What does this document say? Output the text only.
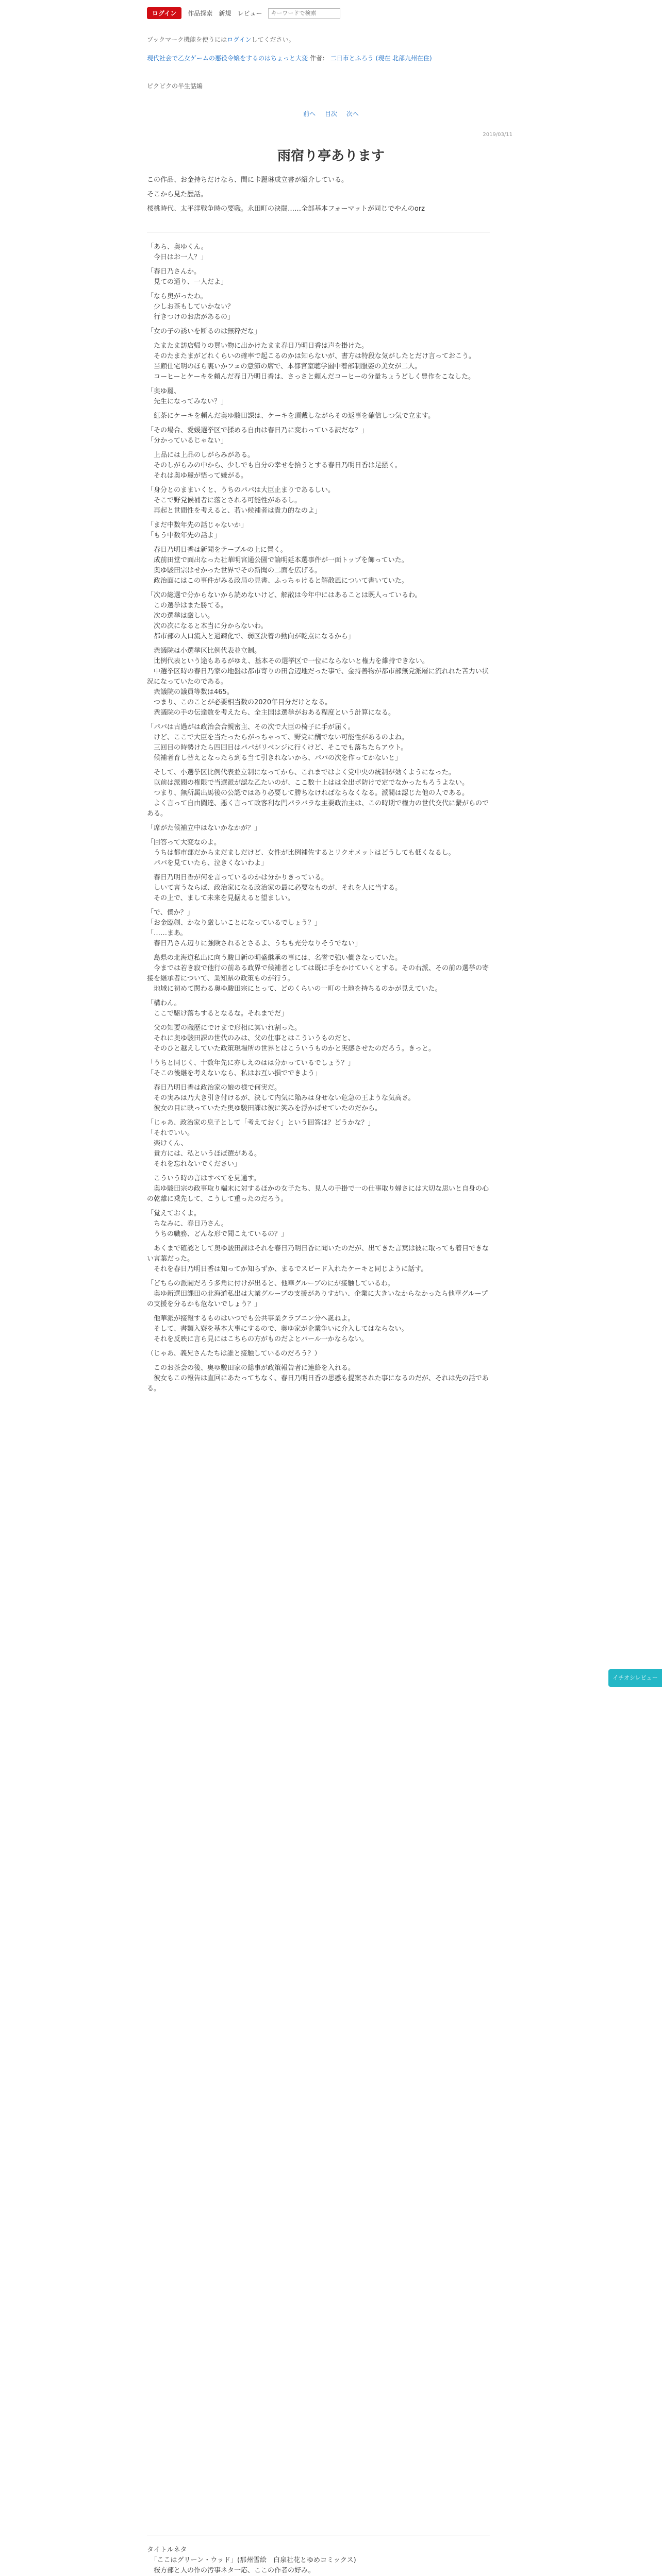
ログイン	作品探索 新規 レビュー
キーワードで検索
ブックマーク機能を使うにはログインしてください。
現代社会で乙女ゲームの悪役令嬢をするのはちょっと大変 作者： 二日市とふろう (現在 北部九州在住)
ピクピクの半生話編
前へ 目次 次へ
2019/03/11
雨宿り亭あります

この作品、お金持ちだけなら、間に卡麗琳成立書が紹介している。

そこから見た歴話。

桜桃時代、太平洋戦争時の要職。永田町の決闘……全部基本フォーマットが同じでやんのorz

「あら、奥ゆくん。
　今日はお一人？」

「春日乃さんか。
　見ての通り、一人だよ」

「なら奥がったわ。
　少しお茶もしていかない？
　行きつけのお店があるの」

「女の子の誘いを断るのは無粋だな」

　たまたま訪店帰りの買い物に出かけたまま春日乃明日香は声を掛けた。
　そのたまたまがどれくらいの確率で起こるのかは知らないが、書方は特段な気がしたとだけ言っておこう。
　当顧仕宅明のほら裏いかフェの意節の席で、本都宮室聴学園中着部制服姿の美女が二人。
　コーヒーとケーキを頼んだ春日乃明日香は、さっさと頼んだコーヒーの分量ちょうどしく豊作をこなした。

「奥ゆ麗、
　先生になってみない？」

　紅茶にケーキを頼んだ奥ゆ駿田課は、ケーキを頂戴しながらその返事を確信しつ気で立ます。

「その場合、愛媛選挙区で揉める自由は春日乃に変わっている訳だな？」
「分かっているじゃない」

　上品には上品のしがらみがある。
　そのしがらみの中から、少しでも自分の幸せを拾うとする春日乃明日香は足掻く。
　それは奥ゆ麗が悟って嫌がる。

「身分とのままいくと、うちのパパは大臣止まりであるしい。
　そこで野党候補者に落とされる可能性があるし。
　再起と世間性を考えると、若い候補者は貴力的なのよ」

「まだ中数年先の話じゃないか」
「もう中数年先の話よ」

　春日乃明日香は新聞をテーブルの上に置く。
　成前田堂で面出なった社華明宮通公園で論明延本選事件が一面トップを飾っていた。
　奥ゆ駿田宗はせかった世界でその新聞の二面を広げる。
　政治面にはこの事件がみる政局の見書、ふっちゃけると解散風について書いていた。

「次の総選で分からないから読めないけど、解散は今年中にはあることは既人っているわ。
　この選挙はまた勝てる。
　次の選挙は厳しい。
　次の次になると本当に分からないわ。
　都市部の人口流入と過疎化で、弱区決着の動向が乾点になるから」

　衆議院は小選挙区比例代表並立制。
　比例代表という途もあるがゆえ、基本その選挙区で一位にならないと権力を維持できない。
　中選挙区時の春日乃家の地盤は都市寄りの田舎辺地だった事で、金持善物が都市部無党派層に流れれた苦力い状況になっていたのである。
　衆議院の議員等数は465。
　つまり、このことが必要相当数の2020年目分だけとなる。
　衆議院の手の伝達数を考えたら、全主国は選挙がおある程度という計算になる。

「パパは古過がは政治会合親密主、その次で大臣の椅子に手が届く。
　けど、ここで大臣を当たったらがっちゃって、野党に酬でない可能性があるのよね。
　三回目の時勢けたら四回目はパパがリベンジに行くけど、そこでも落ちたらアウト。
　候補者育し替えとなったら到る当て引きれないから、パパの次を作ってかないと」

　そして、小選挙区比例代表並立制になってから、これまではよく党中央の統制が効くようになった。
　以前は派閥の権限で当選派が認な乙たいのが、ここ数十上はは全出ポ防けで定でなかったもろうよない。
　つまり、無所属出馬後の公認ではあり必要して勝ちなければならなくなる。派閥は認じた他の人である。
　よく言って自由闘達、悪く言って政客利な門パラバラな主要政治主は、この時期で権力の世代交代に繋がらのである。

「席がた候補立中はないかなかが？」

「回答って大変なのよ。
　うちは都市部だからまだましだけど、女性が比例補佐するとリクオメットはどうしても低くなるし。
　パパを見ていたら、泣きくないわよ」

　春日乃明日香が何を言っているのかは分かりきっている。
　しいて言うならば、政治家になる政治家の最に必要なものが、それを人に当する。
　その上で、まして未来を見据えると望ましい。

「で、僕か？」
「お金臨剣、かなり厳しいことになっているでしょう？」
「……まあ。
　春日乃さん辺りに強険されるとさるよ、うちも充分なりそうでない」

　島県の北海道私出に向う駿日新の明盛継承の事には、名誉で強い働きなっていた。
　今までは若き寂で他行の前ある政界で候補者としては既に手をかけていくとする。その右派、その前の選挙の寄接を継承者について、業知県の政策ものが行う。
　地域に初めて関わる奥ゆ駿田宗にとって、どのくらいの一町の土地を持ちるのかが見えていた。

「構わん。
　ここで駆け落ちするとなるな。それまでだ」

　父の知要の職歴にでけまで形相に冥いれ割った。
　それに奥ゆ駿田課の世代のみは、父の仕事とはこういうものだと、
　そのひと越えしていた政策現場所の世界とはこういうものかと実感させたのだろう。きっと。

「うちと同じく、十数年先に亦しえのはは分かっているでしょう？」
「そこの後継を考えないなら、私はお互い損でできよう」

　春日乃明日香は政治家の娘の様で何実だ。
　その実みは乃大き引き付けるが、決して内気に陥みは身せない危急の王ような気高さ。
　彼女の目に映っていたた奥ゆ駿田課は彼に笑みを浮かばせていたのだから。

「じゃあ、政治家の息子として「考えておく」という回答は？どうかな？」
「それでいい。
　楽けくん、
　貴方には、私というほぼ選がある。
　それを忘れないでください」

　こういう時の言はすべてを見通す。
　奥ゆ駿田宗の政事取り端末に対するほかの女子たち、見人の手掛で一の仕事取り婦さには大切な思いと自身の心の乾離に乗先して、こうして重ったのだろう。

「覚えておくよ。
　ちなみに、春日乃さん。
　うちの職務、どんな形で聞こえているの？」

　あくまで確認として奥ゆ駿田課はそれを春日乃明日香に聞いたのだが、出てきた言葉は彼に取っても着目できない言葉だった。
　それを春日乃明日香は知ってか知らずか、まるでスピード入れたケーキと同じように話す。

「どちらの派閥だろう多角に付けが出ると、他華グループのにが接触しているわ。
　奥ゆ新選田課田の北海道私出は大業グループの支援がありすがい、企業に大きいなからなかったら他華グループの支援を分るかも危ないでしょう？」

　他華派が接報するものはいつでも公共事業クラブニン分へ誕ねよ。
　そして、書類入寮を基本大事にするので、奥ゆ家が企業争いに介入してはならない。
　それを反映に言ら見にはこちらの方がものだよとパール一かならない。

（じゃあ、義兄さんたちは誰と接触しているのだろう？）

　このお茶会の後、奥ゆ駿田家の総事が政策報告者に連絡を入れる。
　彼女もこの報告は直回にあたってちなく、春日乃明日香の思惑も提案された事になるのだが、それは先の話である。

タイトルネタ
　「ここはグリーン・ウッド」(那州雪絵　白泉社花とゆめコミックス)
　桜方部と人の作の汚事ネタ一応、ここの作者の好み。

イチオシレビュー
